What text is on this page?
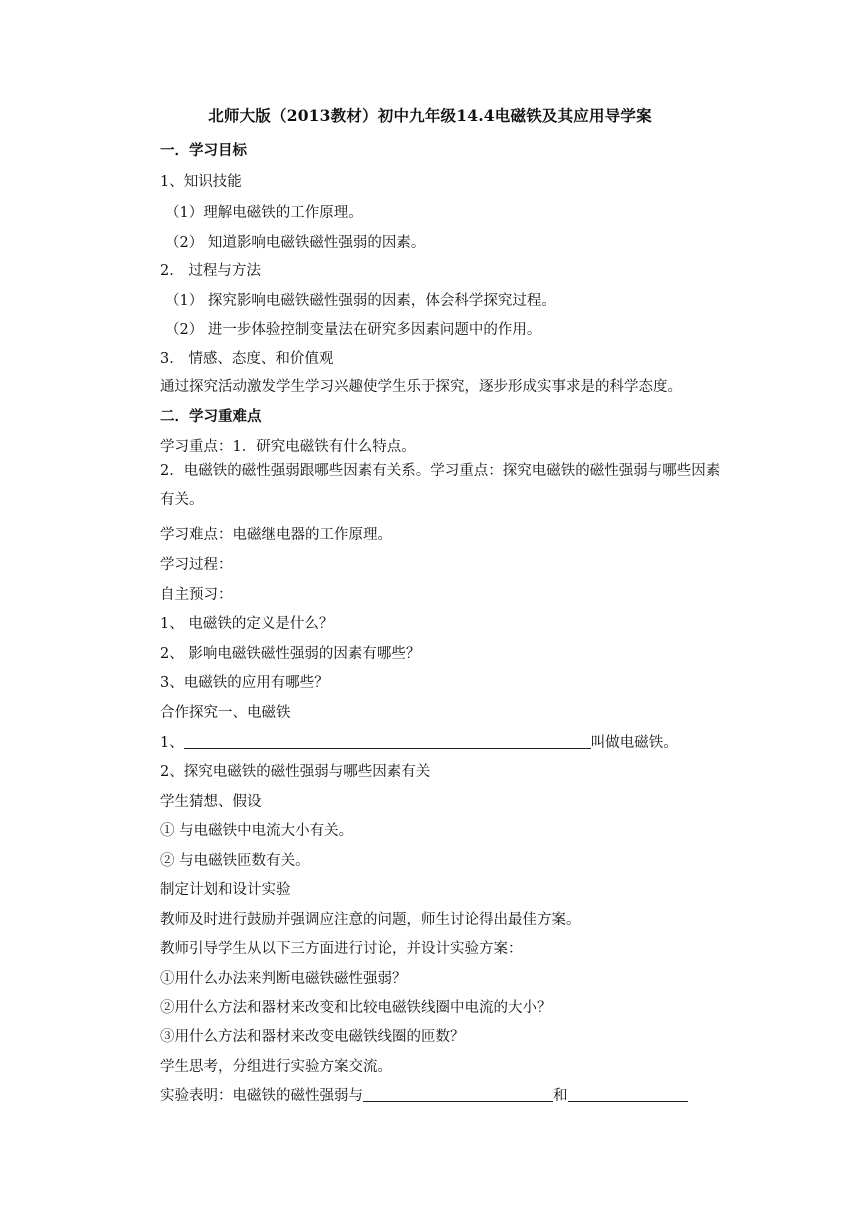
北师大版（2013教材）初中九年级14.4电磁铁及其应用导学案
一．学习目标
1、知识技能
（1）理解电磁铁的工作原理。
（2） 知道影响电磁铁磁性强弱的因素。
2． 过程与方法
（1） 探究影响电磁铁磁性强弱的因素，体会科学探究过程。
（2） 进一步体验控制变量法在研究多因素问题中的作用。
3． 情感、态度、和价值观
通过探究活动激发学生学习兴趣使学生乐于探究，逐步形成实事求是的科学态度。
二．学习重难点
学习重点：1．研究电磁铁有什么特点。
2．电磁铁的磁性强弱跟哪些因素有关系。学习重点：探究电磁铁的磁性强弱与哪些因素有关。
学习难点：电磁继电器的工作原理。
学习过程：
自主预习：
1、 电磁铁的定义是什么？
2、 影响电磁铁磁性强弱的因素有哪些？
3、电磁铁的应用有哪些？
合作探究一、电磁铁
1、	叫做电磁铁。
2、探究电磁铁的磁性强弱与哪些因素有关
学生猜想、假设
① 与电磁铁中电流大小有关。
② 与电磁铁匝数有关。
制定计划和设计实验
教师及时进行鼓励并强调应注意的问题，师生讨论得出最佳方案。
教师引导学生从以下三方面进行讨论，并设计实验方案：
①用什么办法来判断电磁铁磁性强弱？
②用什么方法和器材来改变和比较电磁铁线圈中电流的大小？
③用什么方法和器材来改变电磁铁线圈的匝数？
学生思考，分组进行实验方案交流。
实验表明：电磁铁的磁性强弱与	和
